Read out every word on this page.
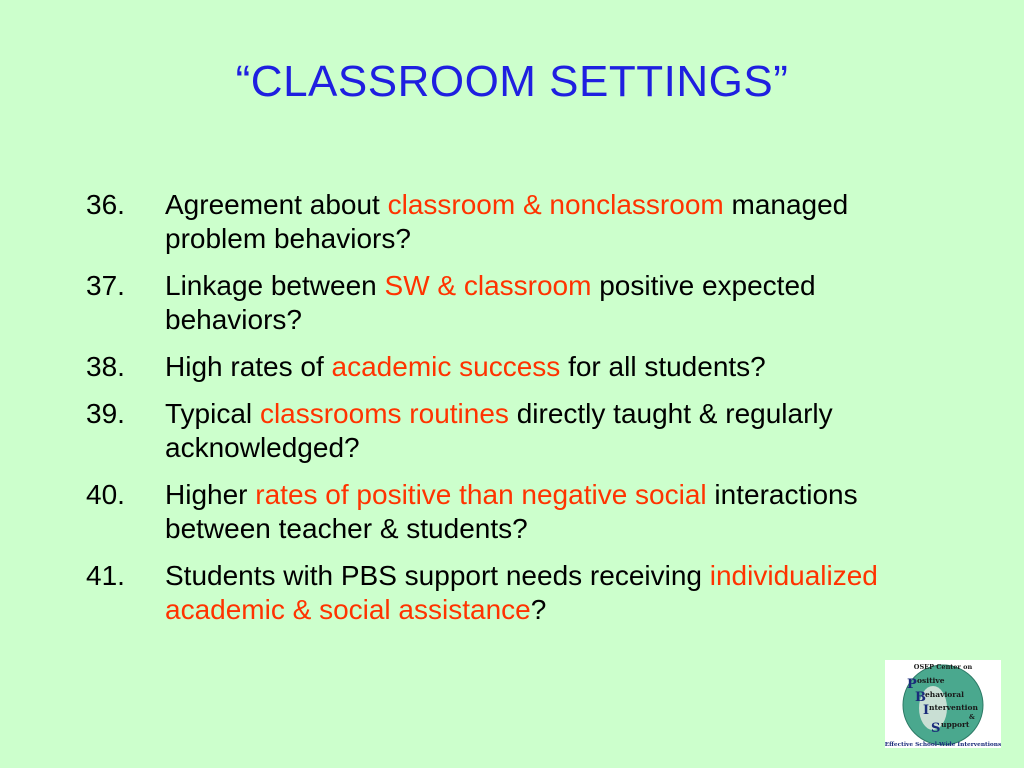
“CLASSROOM SETTINGS”
36.	Agreement about classroom & nonclassroom managed problem behaviors?
37.	Linkage between SW & classroom positive expected behaviors?
38.	High rates of academic success for all students?
39.	Typical classrooms routines directly taught & regularly acknowledged?
40.	Higher rates of positive than negative social interactions between teacher & students?
41.	Students with PBS support needs receiving individualized academic & social assistance?
OSEP Center on
P ositive
B ehavioral
I ntervention
&
S upport
Effective School-Wide Interventions
